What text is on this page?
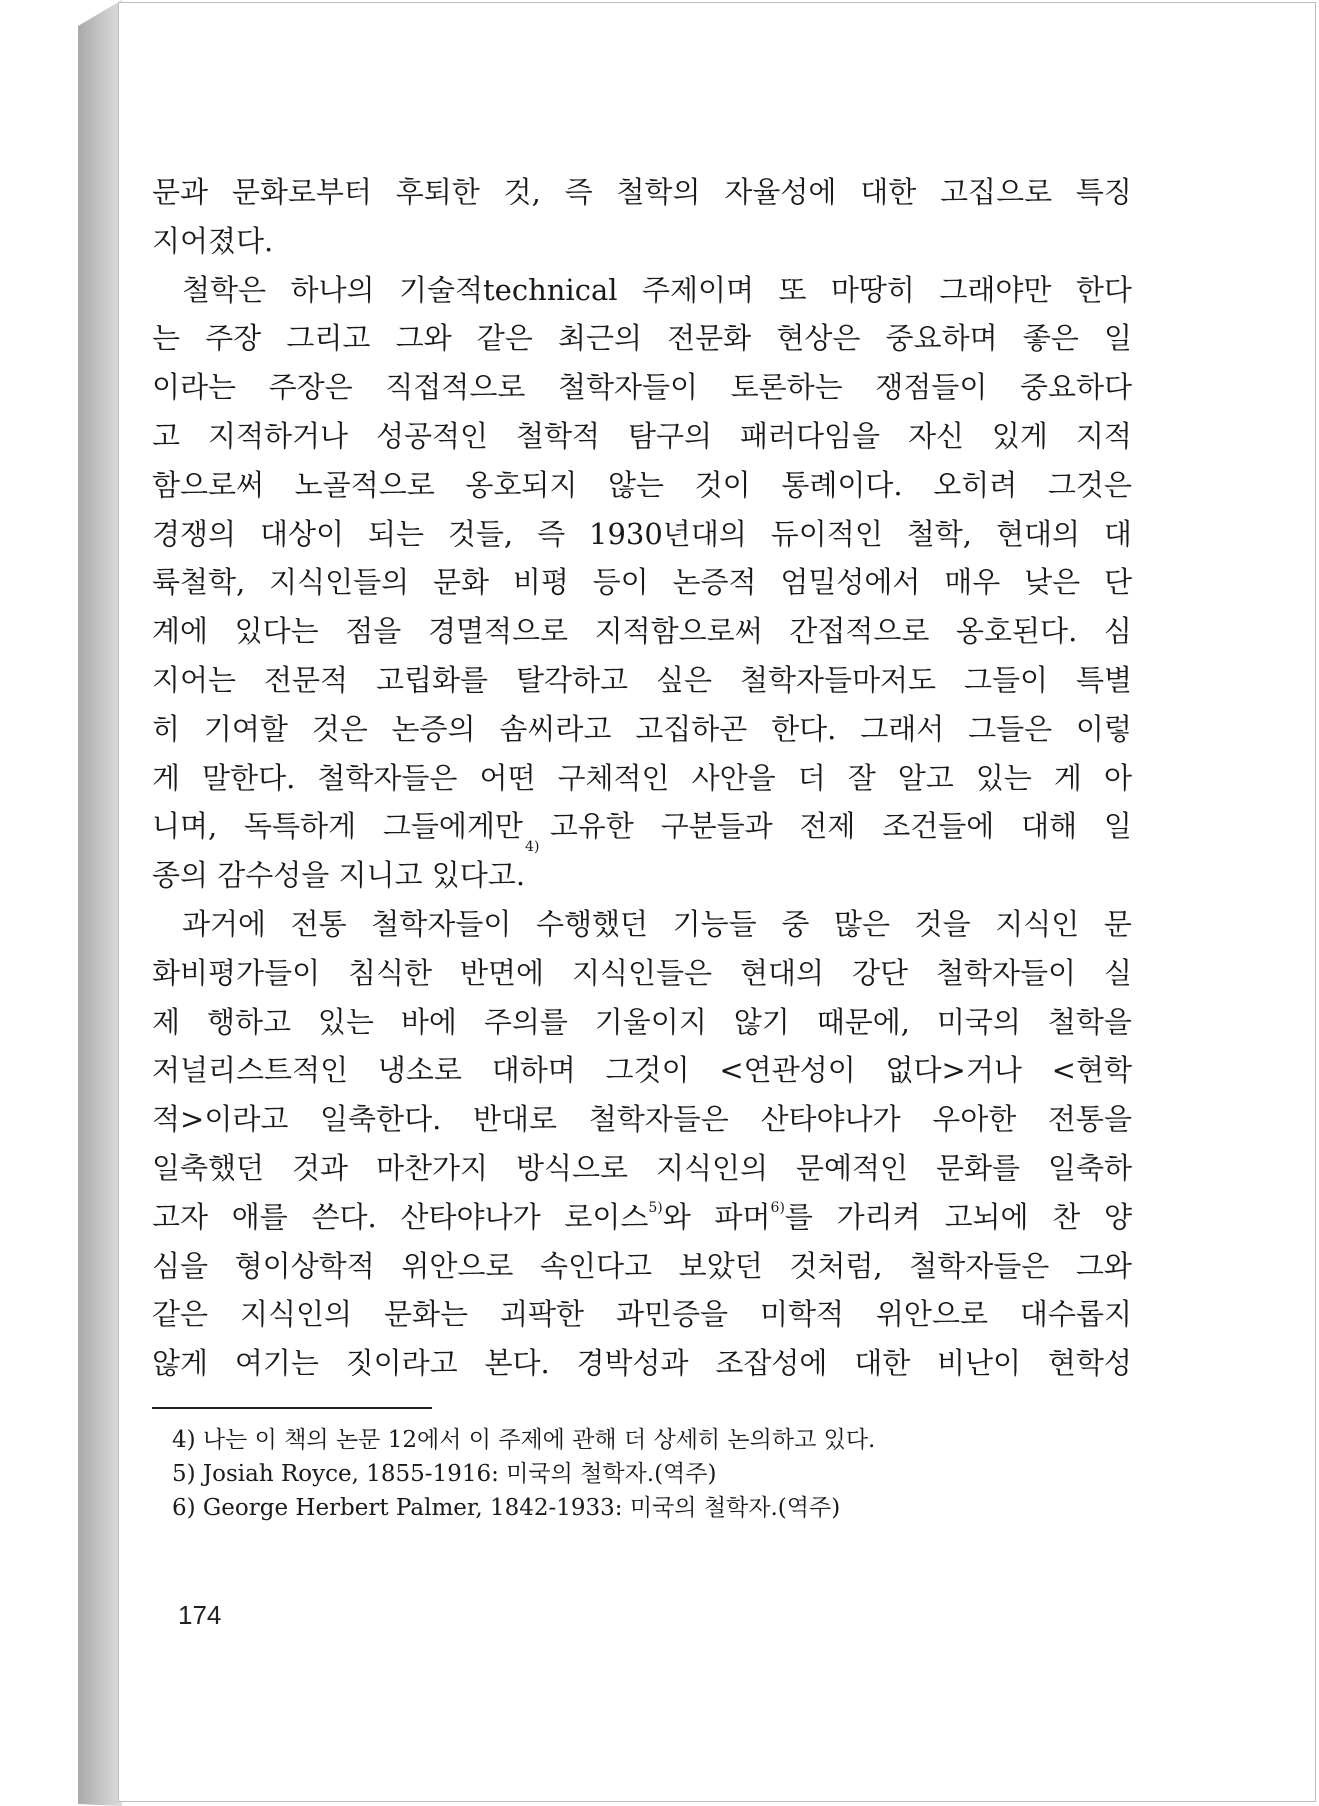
문과 문화로부터 후퇴한 것, 즉 철학의 자율성에 대한 고집으로 특징
지어졌다.
철학은 하나의 기술적technical 주제이며 또 마땅히 그래야만 한다
는 주장 그리고 그와 같은 최근의 전문화 현상은 중요하며 좋은 일
이라는 주장은 직접적으로 철학자들이 토론하는 쟁점들이 중요하다
고 지적하거나 성공적인 철학적 탐구의 패러다임을 자신 있게 지적
함으로써 노골적으로 옹호되지 않는 것이 통례이다. 오히려 그것은
경쟁의 대상이 되는 것들, 즉 1930년대의 듀이적인 철학, 현대의 대
륙철학, 지식인들의 문화 비평 등이 논증적 엄밀성에서 매우 낮은 단
계에 있다는 점을 경멸적으로 지적함으로써 간접적으로 옹호된다. 심
지어는 전문적 고립화를 탈각하고 싶은 철학자들마저도 그들이 특별
히 기여할 것은 논증의 솜씨라고 고집하곤 한다. 그래서 그들은 이렇
게 말한다. 철학자들은 어떤 구체적인 사안을 더 잘 알고 있는 게 아
니며, 독특하게 그들에게만 고유한 구분들과 전제 조건들에 대해 일
종의 감수성을 지니고 있다고.
$^{4)}$
과거에 전통 철학자들이 수행했던 기능들 중 많은 것을 지식인 문
화비평가들이 침식한 반면에 지식인들은 현대의 강단 철학자들이 실
제 행하고 있는 바에 주의를 기울이지 않기 때문에, 미국의 철학을
저널리스트적인 냉소로 대하며 그것이 <연관성이 없다>거나 <현학
적>이라고 일축한다. 반대로 철학자들은 산타야나가 우아한 전통을
일축했던 것과 마찬가지 방식으로 지식인의 문예적인 문화를 일축하
고자 애를 쓴다. 산타야나가 로이스$^{5)}$와 파머$^{6)}$를 가리켜 고뇌에 찬 양
심을 형이상학적 위안으로 속인다고 보았던 것처럼, 철학자들은 그와
같은 지식인의 문화는 괴팍한 과민증을 미학적 위안으로 대수롭지
않게 여기는 짓이라고 본다. 경박성과 조잡성에 대한 비난이 현학성
4) 나는 이 책의 논문 12에서 이 주제에 관해 더 상세히 논의하고 있다.
5) Josiah Royce, 1855-1916: 미국의 철학자.(역주)
6) George Herbert Palmer, 1842-1933: 미국의 철학자.(역주)
174
